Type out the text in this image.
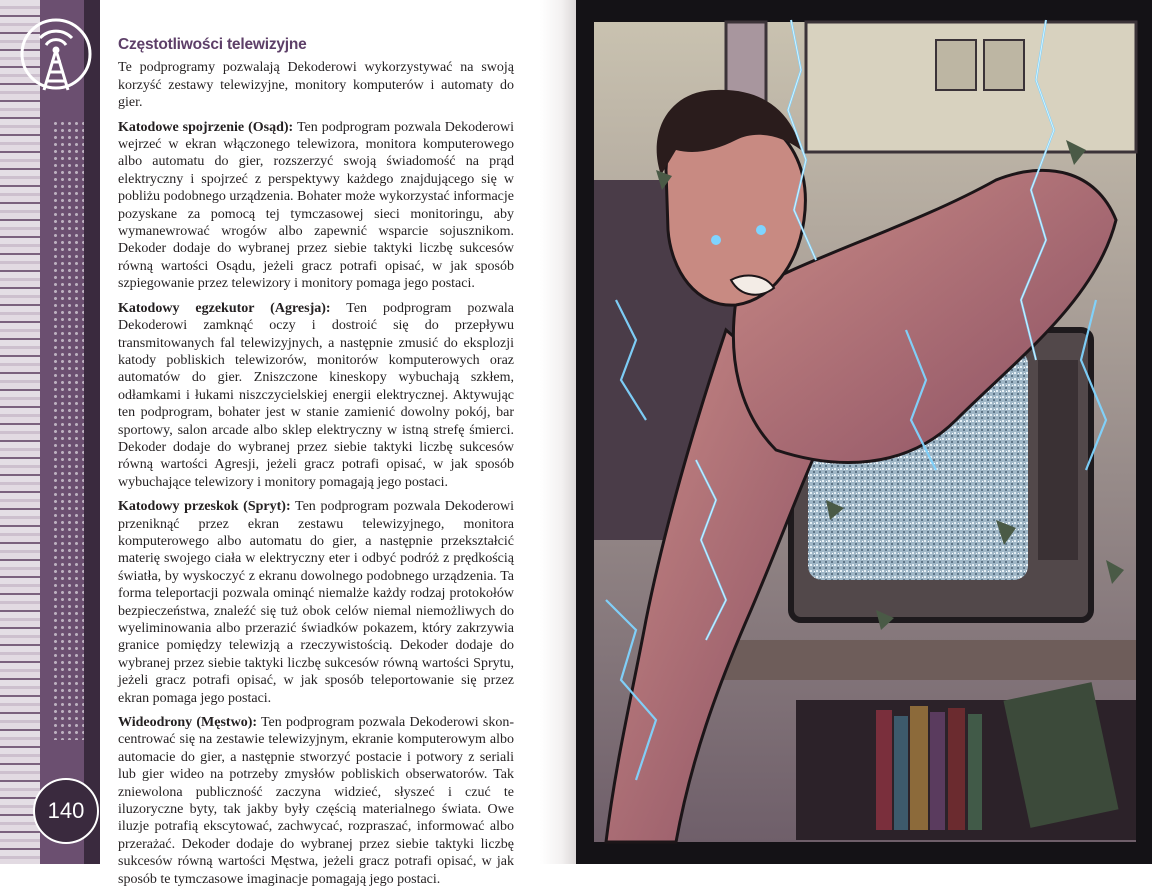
140
Częstotliwości telewizyjne

Te podprogramy pozwalają Dekoderowi wykorzystywać na swoją korzyść zestawy telewizyjne, monitory komputerów i automaty do gier.

Katodowe spojrzenie (Osąd): Ten podprogram pozwala Dekoderowi wejrzeć w ekran włączonego telewizora, monitora komputerowego albo automatu do gier, rozszerzyć swoją świadomość na prąd elektryczny i spojrzeć z perspektywy każdego znajdującego się w pobliżu podobnego urządzenia. Bohater może wykorzystać informacje pozyskane za pomocą tej tymczasowej sieci monitoringu, aby wymanewrować wrogów albo zapewnić wsparcie sojusznikom. Dekoder dodaje do wybranej przez siebie taktyki liczbę sukcesów równą wartości Osądu, jeżeli gracz potrafi opisać, w jak sposób szpiegowanie przez telewizory i monitory pomaga jego postaci.

Katodowy egzekutor (Agresja): Ten podprogram pozwala Dekoderowi zamknąć oczy i dostroić się do przepływu transmitowanych fal telewizyjnych, a następnie zmusić do eksplozji katody pobliskich telewizorów, monitorów komputerowych oraz automatów do gier. Zniszczone kineskopy wybuchają szkłem, odłamkami i łukami niszczycielskiej energii elektrycznej. Aktywując ten podprogram, bohater jest w stanie zamienić dowolny pokój, bar sportowy, salon arcade albo sklep elektryczny w istną strefę śmierci. Dekoder dodaje do wybranej przez siebie taktyki liczbę sukcesów równą wartości Agresji, jeżeli gracz potrafi opisać, w jak sposób wybuchające telewizory i monitory pomagają jego postaci.

Katodowy przeskok (Spryt): Ten podprogram pozwala Dekoderowi przeniknąć przez ekran zestawu telewizyjnego, monitora komputerowego albo automatu do gier, a następnie przekształcić materię swojego ciała w elektryczny eter i odbyć podróż z prędkością światła, by wyskoczyć z ekranu dowolnego podobnego urządzenia. Ta forma teleportacji pozwala ominąć niemalże każdy rodzaj protokołów bezpieczeństwa, znaleźć się tuż obok celów niemal niemożliwych do wyeliminowania albo przerazić świadków pokazem, który zakrzywia granice pomiędzy telewizją a rzeczywistością. Dekoder dodaje do wybranej przez siebie taktyki liczbę sukcesów równą wartości Sprytu, jeżeli gracz potrafi opisać, w jak sposób teleportowanie się przez ekran pomaga jego postaci.

Wideodrony (Męstwo): Ten podprogram pozwala Dekoderowi skoncentrować się na zestawie telewizyjnym, ekranie komputerowym albo automacie do gier, a następnie stworzyć postacie i potwory z seriali lub gier wideo na potrzeby zmysłów pobliskich obserwatorów. Tak zniewolona publiczność zaczyna widzieć, słyszeć i czuć te iluzoryczne byty, tak jakby były częścią materialnego świata. Owe iluzje potrafią ekscytować, zachwycać, rozpraszać, informować albo przerażać. Dekoder dodaje do wybranej przez siebie taktyki liczbę sukcesów równą wartości Męstwa, jeżeli gracz potrafi opisać, w jak sposób te tymczasowe imaginacje pomagają jego postaci.
